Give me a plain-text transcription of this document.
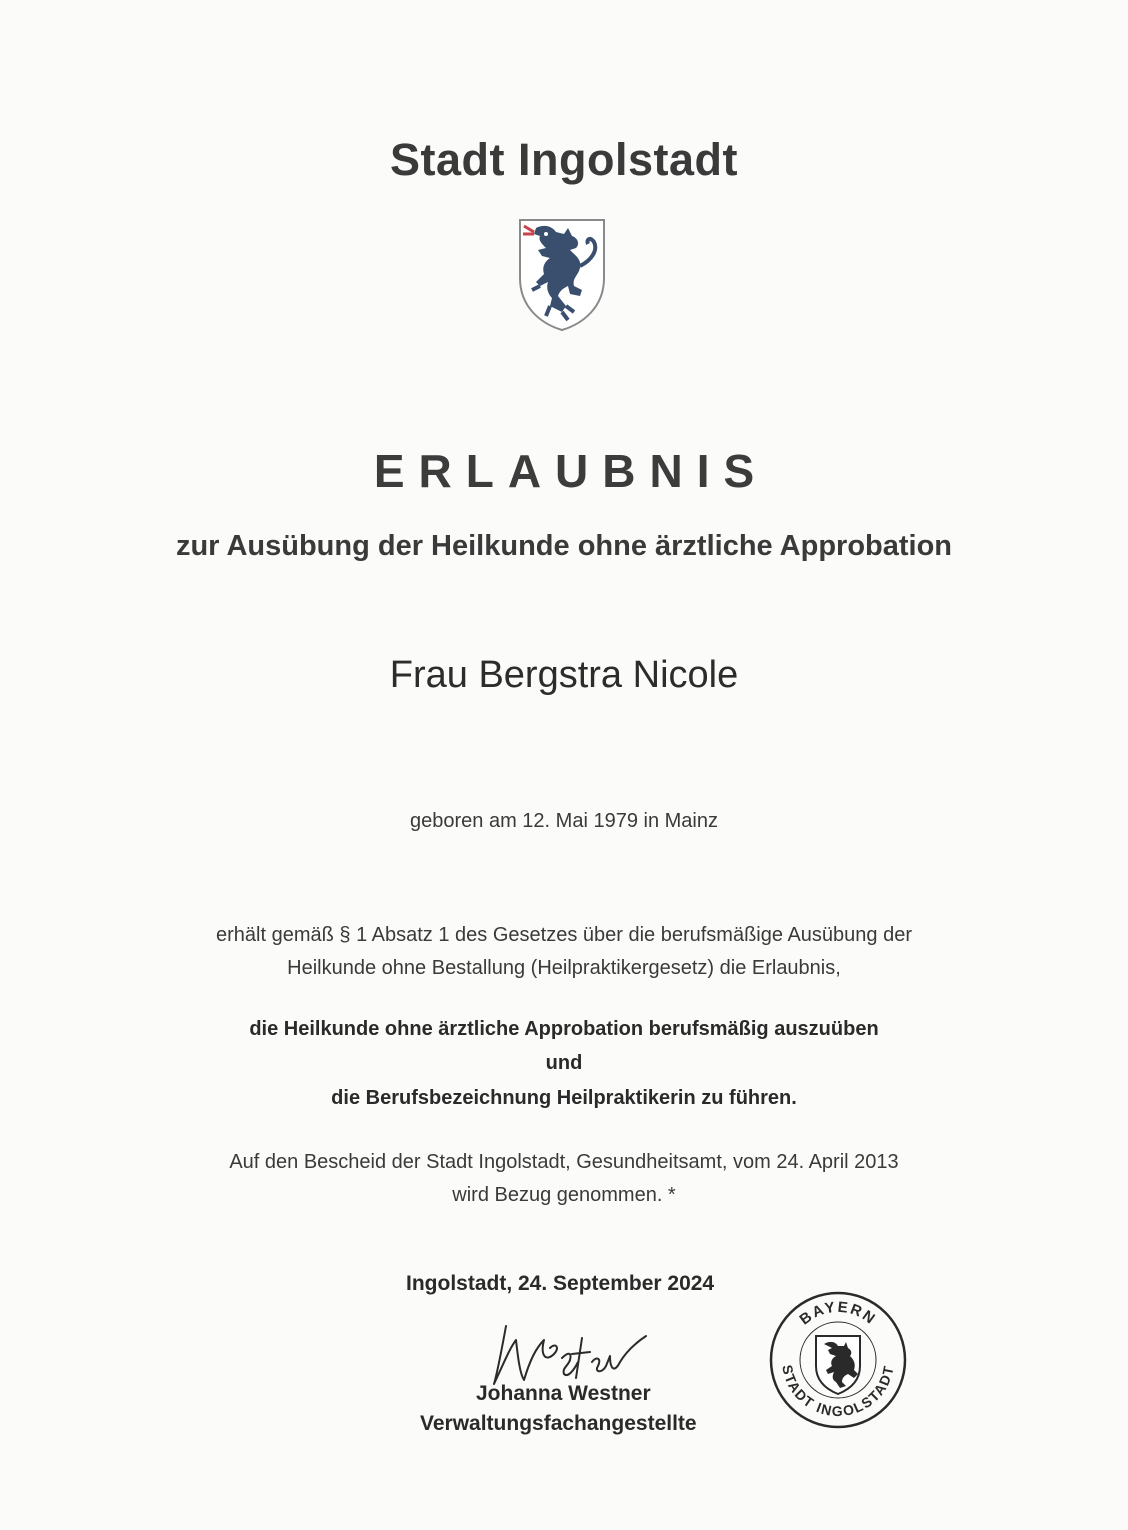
Stadt Ingolstadt
ERLAUBNIS
zur Ausübung der Heilkunde ohne ärztliche Approbation
Frau Bergstra Nicole
geboren am 12. Mai 1979 in Mainz
erhält gemäß § 1 Absatz 1 des Gesetzes über die berufsmäßige Ausübung der
Heilkunde ohne Bestallung (Heilpraktikergesetz) die Erlaubnis,
die Heilkunde ohne ärztliche Approbation berufsmäßig auszuüben
und
die Berufsbezeichnung Heilpraktikerin zu führen.
Auf den Bescheid der Stadt Ingolstadt, Gesundheitsamt, vom 24. April 2013
wird Bezug genommen. *
Ingolstadt, 24. September 2024
Johanna Westner
Verwaltungsfachangestellte
BAYERN
STADT INGOLSTADT
